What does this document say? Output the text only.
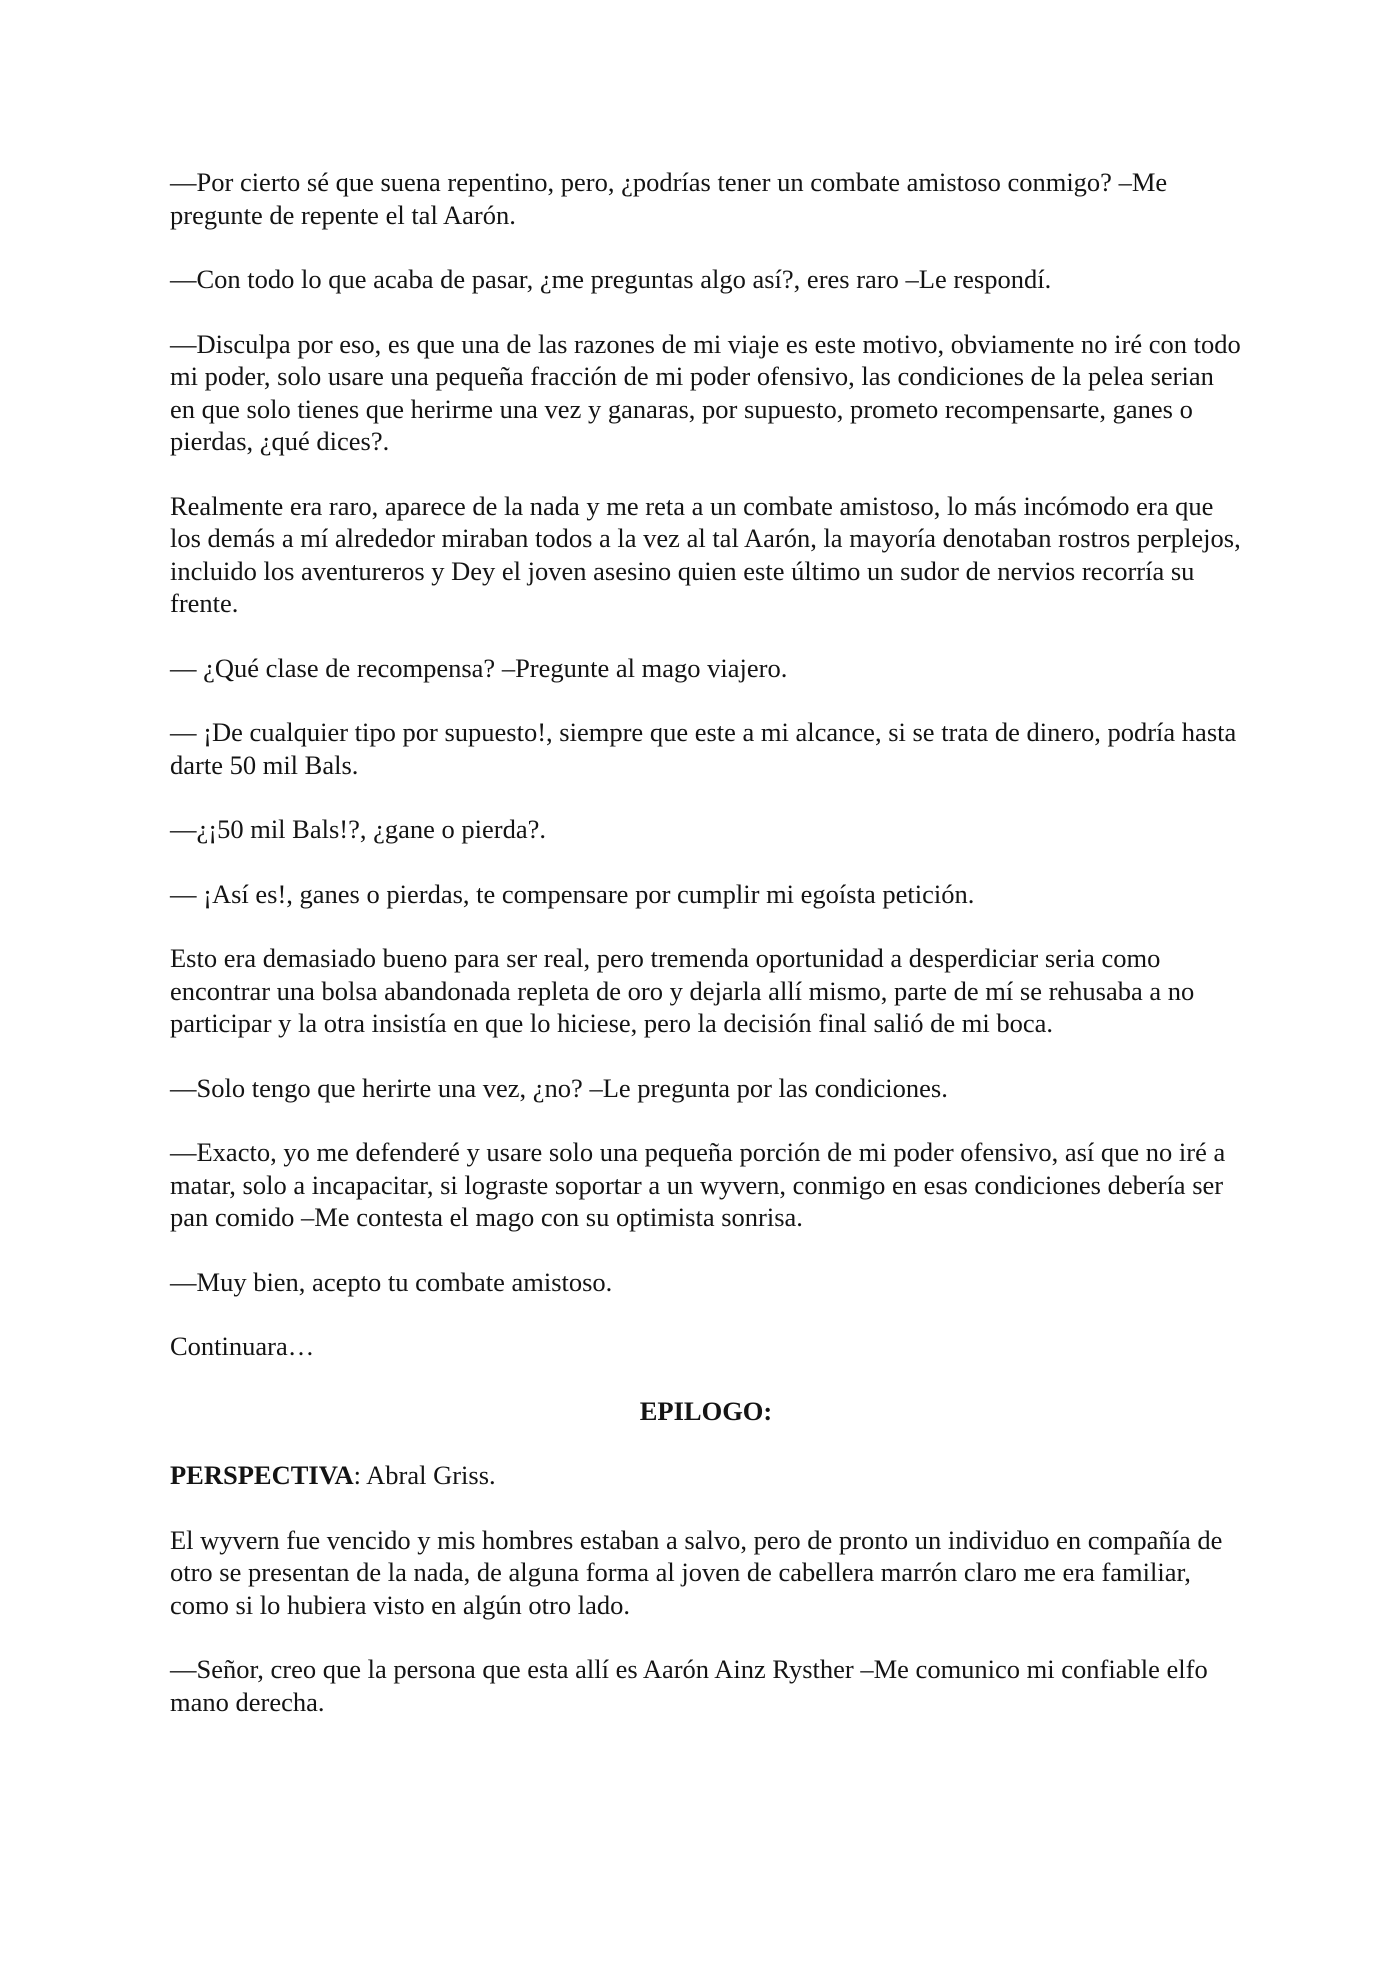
—Por cierto sé que suena repentino, pero, ¿podrías tener un combate amistoso conmigo? –Me pregunte de repente el tal Aarón.

—Con todo lo que acaba de pasar, ¿me preguntas algo así?, eres raro –Le respondí.

—Disculpa por eso, es que una de las razones de mi viaje es este motivo, obviamente no iré con todo mi poder, solo usare una pequeña fracción de mi poder ofensivo, las condiciones de la pelea serian en que solo tienes que herirme una vez y ganaras, por supuesto, prometo recompensarte, ganes o pierdas, ¿qué dices?.

Realmente era raro, aparece de la nada y me reta a un combate amistoso, lo más incómodo era que los demás a mí alrededor miraban todos a la vez al tal Aarón, la mayoría denotaban rostros perplejos, incluido los aventureros y Dey el joven asesino quien este último un sudor de nervios recorría su frente.

— ¿Qué clase de recompensa? –Pregunte al mago viajero.

— ¡De cualquier tipo por supuesto!, siempre que este a mi alcance, si se trata de dinero, podría hasta darte 50 mil Bals.

—¿¡50 mil Bals!?, ¿gane o pierda?.

— ¡Así es!, ganes o pierdas, te compensare por cumplir mi egoísta petición.

Esto era demasiado bueno para ser real, pero tremenda oportunidad a desperdiciar seria como encontrar una bolsa abandonada repleta de oro y dejarla allí mismo, parte de mí se rehusaba a no participar y la otra insistía en que lo hiciese, pero la decisión final salió de mi boca.

—Solo tengo que herirte una vez, ¿no? –Le pregunta por las condiciones.

—Exacto, yo me defenderé y usare solo una pequeña porción de mi poder ofensivo, así que no iré a matar, solo a incapacitar, si lograste soportar a un wyvern, conmigo en esas condiciones debería ser pan comido –Me contesta el mago con su optimista sonrisa.

—Muy bien, acepto tu combate amistoso.

Continuara…

EPILOGO:

PERSPECTIVA: Abral Griss.

El wyvern fue vencido y mis hombres estaban a salvo, pero de pronto un individuo en compañía de otro se presentan de la nada, de alguna forma al joven de cabellera marrón claro me era familiar, como si lo hubiera visto en algún otro lado.

—Señor, creo que la persona que esta allí es Aarón Ainz Rysther –Me comunico mi confiable elfo mano derecha.
